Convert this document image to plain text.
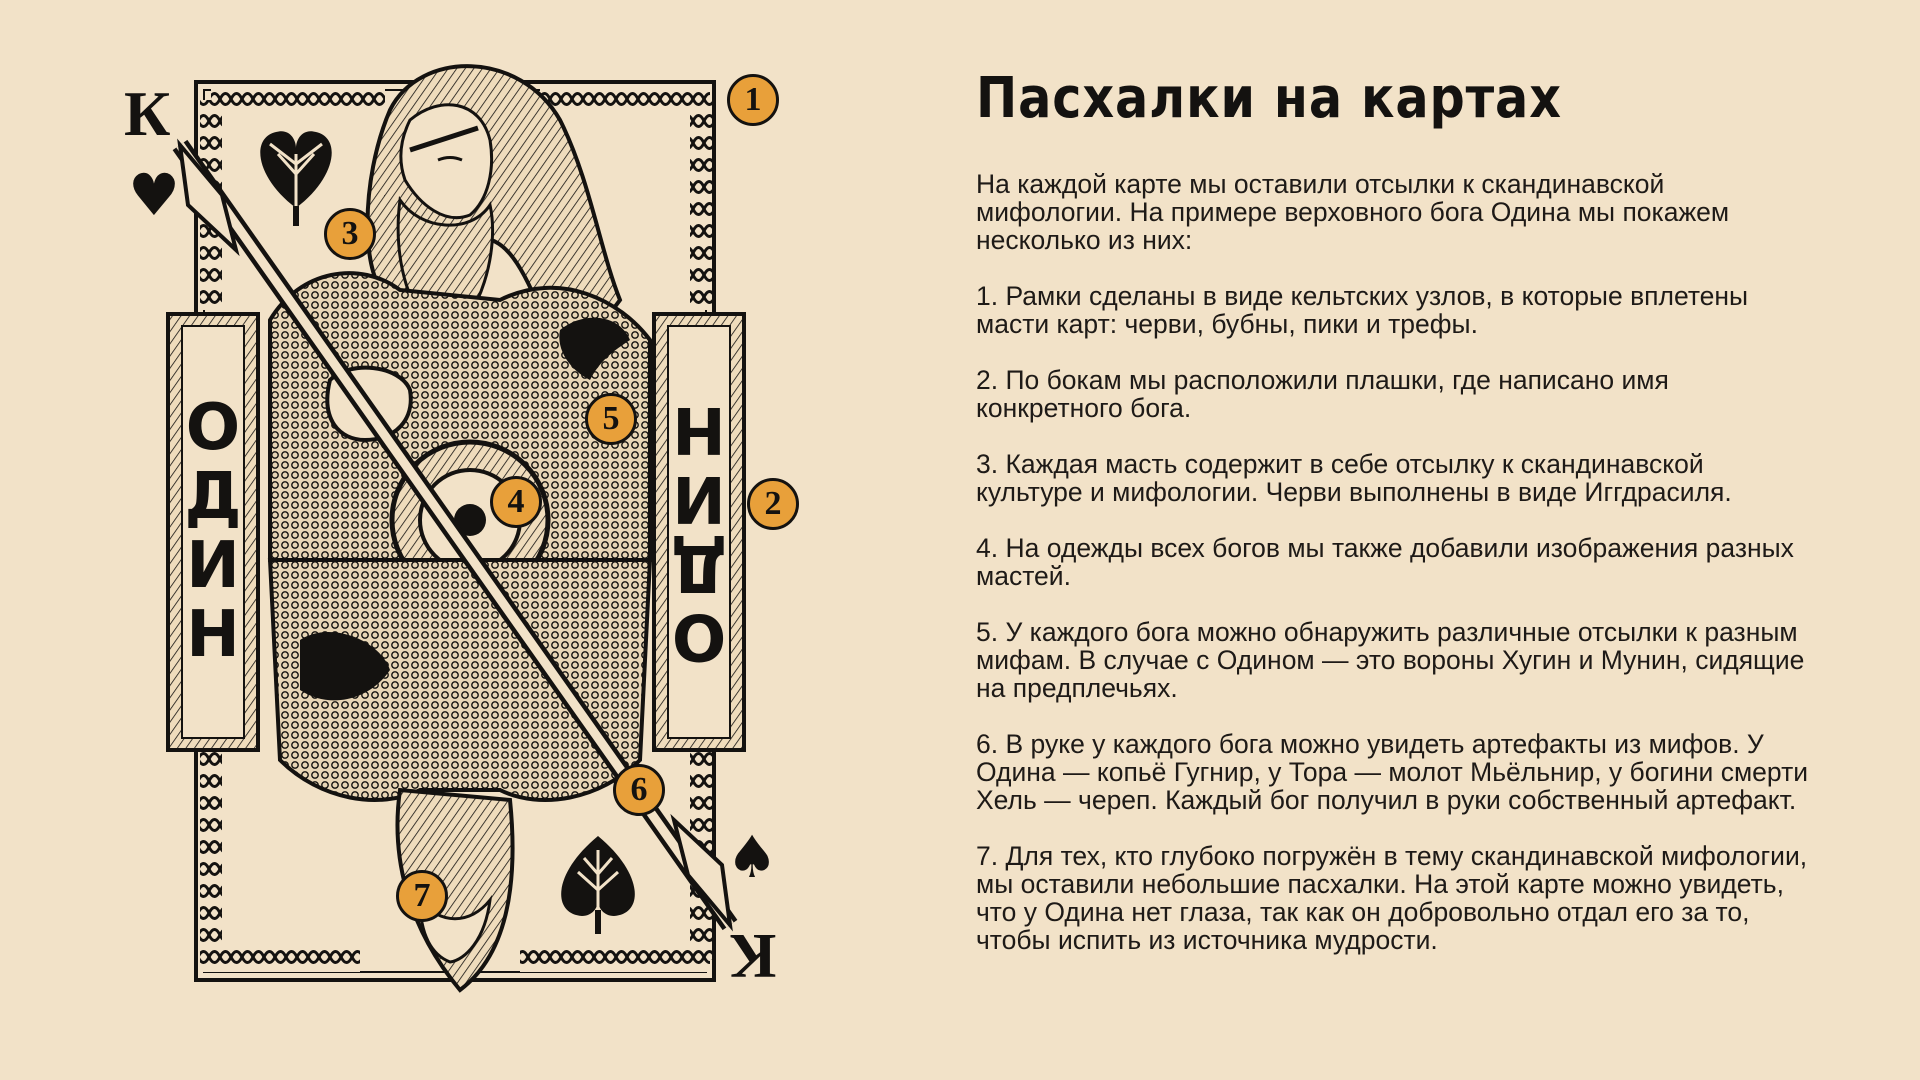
К
♥
К
♠
О
Д
И
Н	О
Д
И
Н
1
2
3
4
5
6
7
Пасхалки на картах

На каждой карте мы оставили отсылки к скандинавской мифологии. На примере верховного бога Одина мы покажем несколько из них:

1. Рамки сделаны в виде кельтских узлов, в которые вплетены масти карт: черви, бубны, пики и трефы.

2. По бокам мы расположили плашки, где написано имя конкретного бога.

3. Каждая масть содержит в себе отсылку к скандинавской культуре и мифологии. Черви выполнены в виде Иггдрасиля.

4. На одежды всех богов мы также добавили изображения разных мастей.

5. У каждого бога можно обнаружить различные отсылки к разным мифам. В случае с Одином — это вороны Хугин и Мунин, сидящие на предплечьях.

6. В руке у каждого бога можно увидеть артефакты из мифов. У Одина — копьё Гугнир, у Тора — молот Мьёльнир, у богини смерти Хель — череп. Каждый бог получил в руки собственный артефакт.

7. Для тех, кто глубоко погружён в тему скандинавской мифологии, мы оставили небольшие пасхалки. На этой карте можно увидеть, что у Одина нет глаза, так как он добровольно отдал его за то, чтобы испить из источника мудрости.
